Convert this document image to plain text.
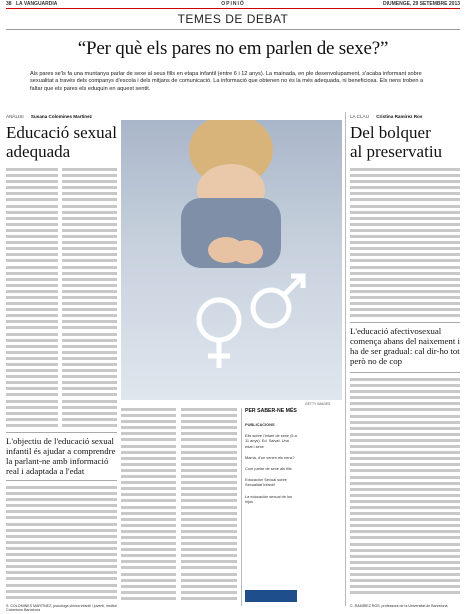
38 LA VANGUARDIA	OPINIÓ	DIUMENGE, 29 SETEMBRE 2013
TEMES DE DEBAT
“Per què els pares no em parlen de sexe?”
Als pares se'ls fa una muntanya parlar de sexe al seus fills en etapa infantil (entre 6 i 12 anys). La mainada, en ple desenvolupament, s'acaba informant sobre sexualitat a través dels companys d'escola i dels mitjans de comunicació. La informació que obtenen no és la més adequada, ni beneficiosa. Els nens troben a faltar que els pares els eduquin en aquest sentit.
ANÀLISI Susana Colomines Martínez
Educació sexual
adequada
L'objectiu de l'educació sexual infantil és ajudar a comprendre la parlant-ne amb informació real i adaptada a l'edat
S. COLOMINES MARTÍNEZ, psicòloga clínica infantil i juvenil, Institut Colomines Barcelona
GETTY IMAGES
PER SABER-NE MÉS
PUBLICACIONS
Ells sobre l'infant de sexe (5 a 11 anys). Ed. Salvat. Una edat i sexe
Mamà, d'on venen els nens?
Com parlar de sexe als fills
Educación Sexual sobre Sexualitat Infantil
La educación sexual de los hijos
LA CLAU Cristina Ramírez Ros
Del bolquer
al preservatiu
L'educació afectivosexual comença abans del naixement i ha de ser gradual: cal dir-ho tot però no de cop
C. RAMÍREZ ROS, professora de la Universitat de Barcelona
